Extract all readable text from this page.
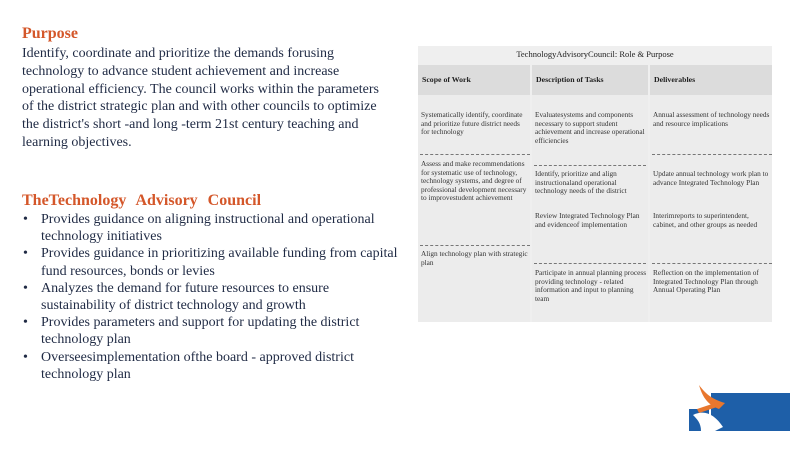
Purpose

Identify, coordinate and prioritize the demands forusing technology to advance student achievement and increase operational efficiency. The council works within the parameters of the district strategic plan and with other councils to optimize the district's short -and long -term 21st century teaching and learning objectives.

TheTechnology Advisory Council
• Provides guidance on aligning instructional and operational technology initiatives
• Provides guidance in prioritizing available funding from capital fund resources, bonds or levies
• Analyzes the demand for future resources to ensure sustainability of district technology and growth
• Provides parameters and support for updating the district technology plan
• Overseesimplementation ofthe board - approved district technology plan
TechnologyAdvisoryCouncil: Role & Purpose
Scope of Work	Description of Tasks	Deliverables

Systematically identify, coordinate and prioritize future district needs for technology

Assess and make recommendations for systematic use of technology, technology systems, and degree of professional development necessary to improvestudent achievement

Align technology plan with strategic plan

Evaluatesystems and components necessary to support student achievement and increase operational efficiencies

Identify, prioritize and align instructionaland operational technology needs of the district

Review Integrated Technology Plan and evidenceof implementation

Participate in annual planning process providing technology - related information and input to planning team

Annual assessment of technology needs and resource implications

Update annual technology work plan to advance Integrated Technology Plan

Interimreports to superintendent, cabinet, and other groups as needed

Reflection on the implementation of Integrated Technology Plan through Annual Operating Plan
